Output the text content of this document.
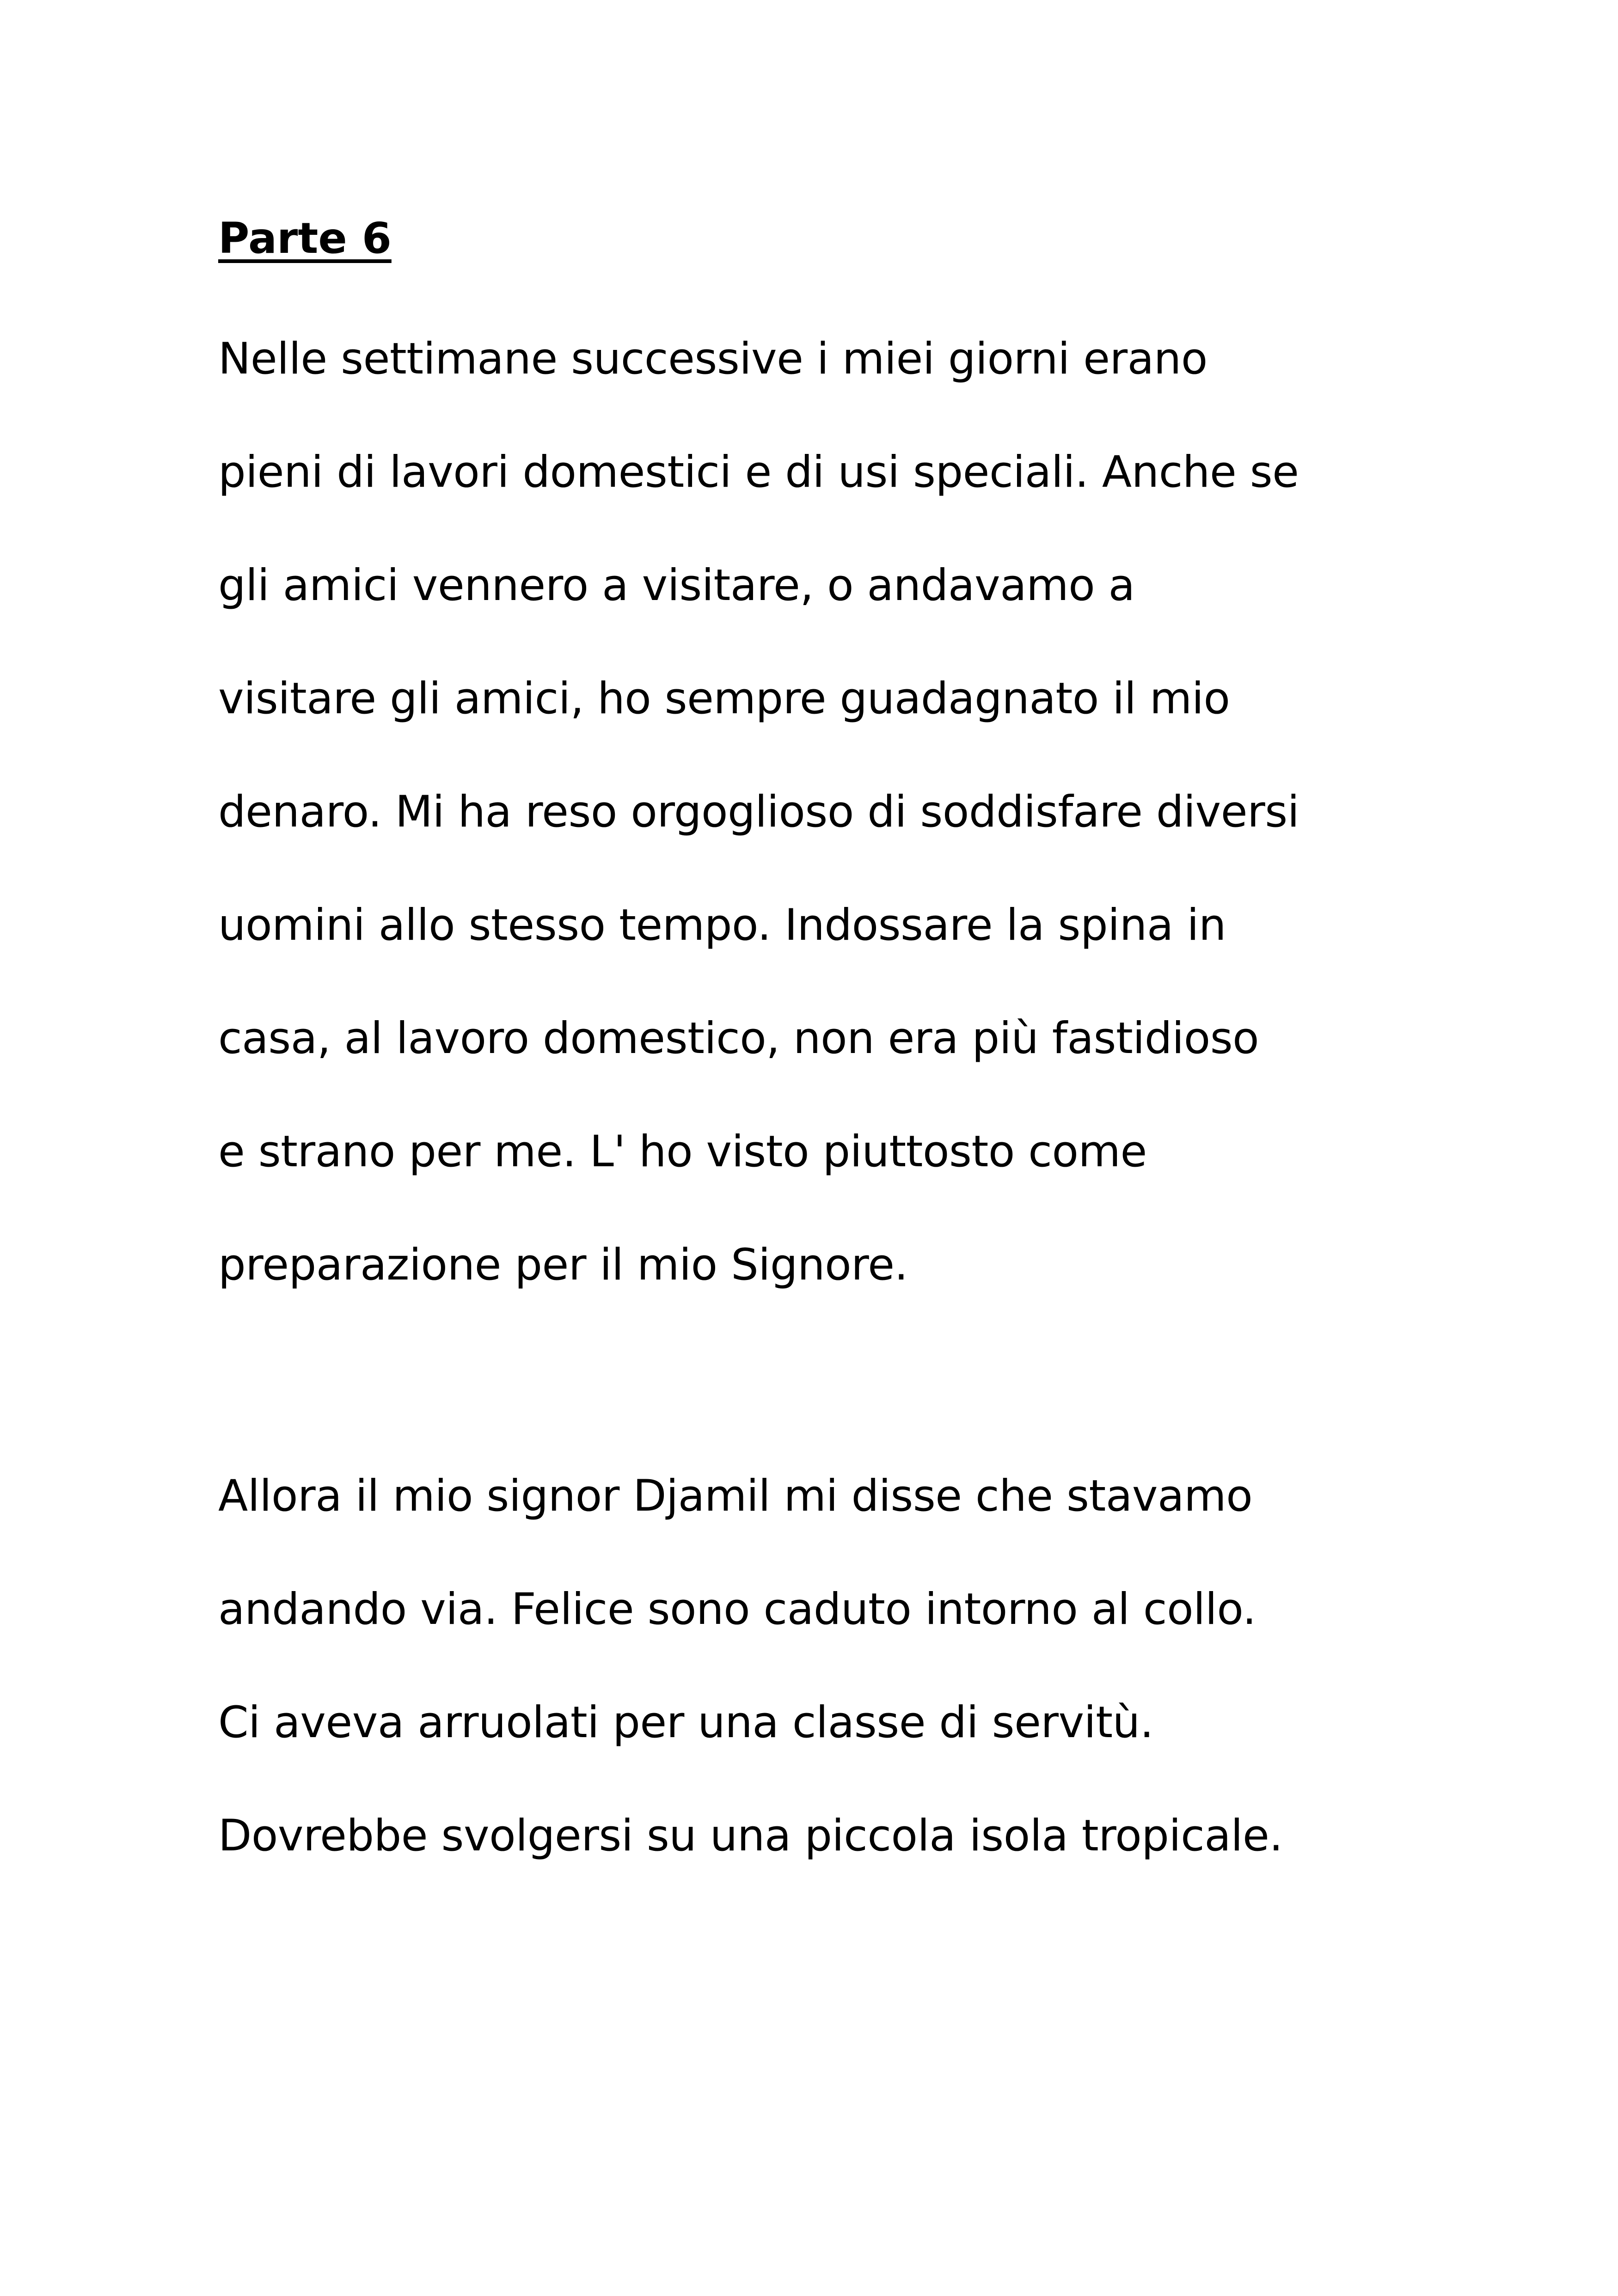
Parte 6

Nelle settimane successive i miei giorni erano

pieni di lavori domestici e di usi speciali. Anche se

gli amici vennero a visitare, o andavamo a

visitare gli amici, ho sempre guadagnato il mio

denaro. Mi ha reso orgoglioso di soddisfare diversi

uomini allo stesso tempo. Indossare la spina in

casa, al lavoro domestico, non era più fastidioso

e strano per me. L' ho visto piuttosto come

preparazione per il mio Signore.

Allora il mio signor Djamil mi disse che stavamo

andando via. Felice sono caduto intorno al collo.

Ci aveva arruolati per una classe di servitù.

Dovrebbe svolgersi su una piccola isola tropicale.
